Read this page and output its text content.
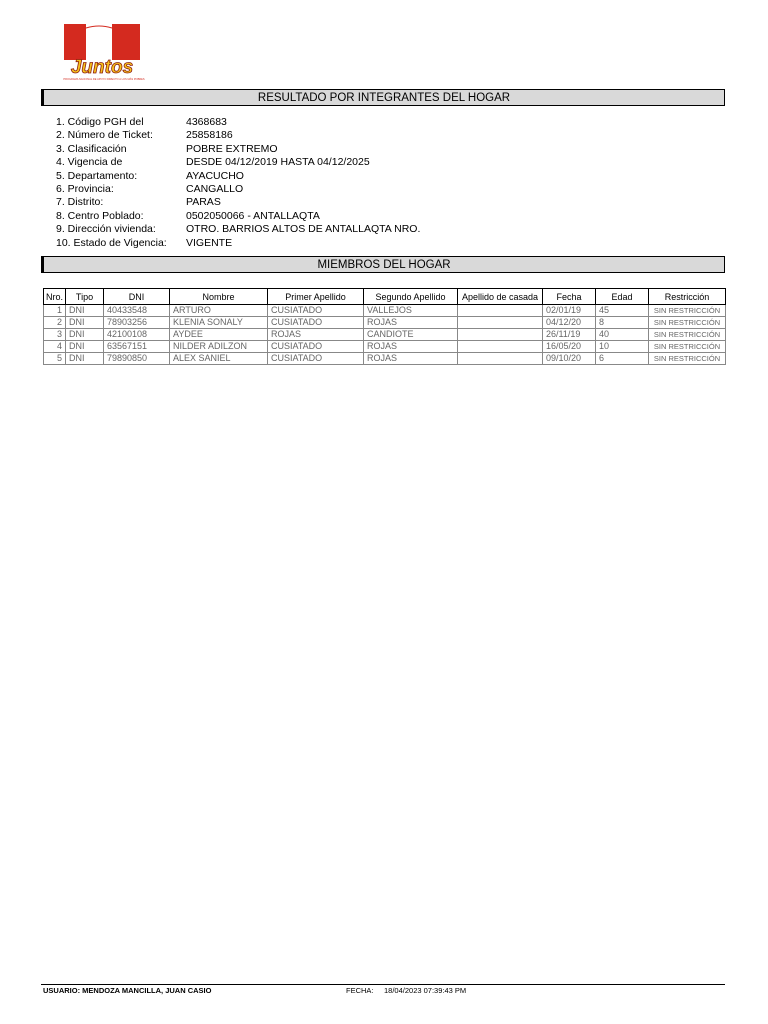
Juntos
PROGRAMA NACIONAL DE APOYO DIRECTO A LOS MÁS POBRES
RESULTADO POR INTEGRANTES DEL HOGAR
1. Código PGH del	4368683
2. Número de Ticket:	25858186
3. Clasificación	POBRE EXTREMO
4. Vigencia de	DESDE 04/12/2019 HASTA 04/12/2025
5. Departamento:	AYACUCHO
6. Provincia:	CANGALLO
7. Distrito:	PARAS
8. Centro Poblado:	0502050066 - ANTALLAQTA
9. Dirección vivienda:	OTRO. BARRIOS ALTOS DE ANTALLAQTA NRO.
10. Estado de Vigencia: VIGENTE
MIEMBROS DEL HOGAR
Nro.	Tipo	DNI	Nombre	Primer Apellido	Segundo Apellido	Apellido de casada	Fecha	Edad	Restricción
1	DNI	40433548	ARTURO	CUSIATADO	VALLEJOS		02/01/19	45	SIN RESTRICCIÓN
2	DNI	78903256	KLENIA SONALY	CUSIATADO	ROJAS		04/12/20	8	SIN RESTRICCIÓN
3	DNI	42100108	AYDEE	ROJAS	CANDIOTE		26/11/19	40	SIN RESTRICCIÓN
4	DNI	63567151	NILDER ADILZON	CUSIATADO	ROJAS		16/05/20	10	SIN RESTRICCIÓN
5	DNI	79890850	ALEX SANIEL	CUSIATADO	ROJAS		09/10/20	6	SIN RESTRICCIÓN
USUARIO: MENDOZA MANCILLA, JUAN CASIO	FECHA: 18/04/2023 07:39:43 PM
